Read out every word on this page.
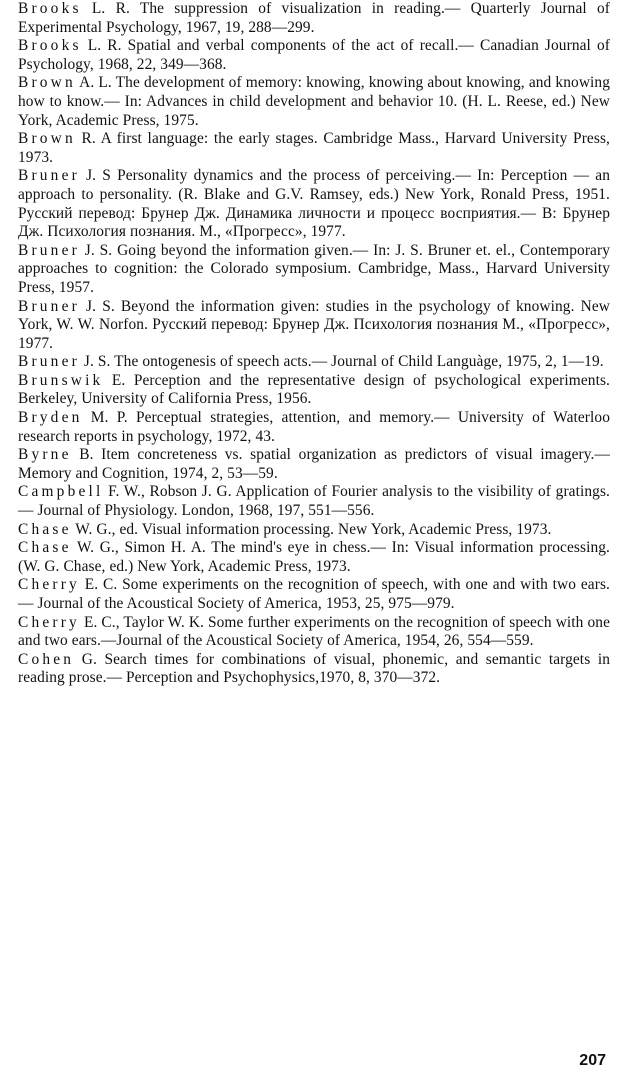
Brooks L. R. The suppression of visualization in reading.— Quarterly Journal of Experimental Psychology, 1967, 19, 288—299.
Brooks L. R. Spatial and verbal components of the act of recall.— Canadian Journal of Psychology, 1968, 22, 349—368.
Brown A. L. The development of memory: knowing, knowing about knowing, and knowing how to know.— In: Advances in child development and behavior 10. (H. L. Reese, ed.) New York, Academic Press, 1975.
Brown R. A first language: the early stages. Cambridge Mass., Harvard University Press, 1973.
Bruner J. S Personality dynamics and the process of perceiving.— In: Perception — an approach to personality. (R. Blake and G.V. Ramsey, eds.) New York, Ronald Press, 1951. Русский перевод: Брунер Дж. Динамика личности и процесс восприятия.— В: Брунер Дж. Психология познания. М., «Прогресс», 1977.
Bruner J. S. Going beyond the information given.— In: J. S. Bruner et. el., Contemporary approaches to cognition: the Colorado symposium. Cambridge, Mass., Harvard University Press, 1957.
Bruner J. S. Beyond the information given: studies in the psychology of knowing. New York, W. W. Norfon. Русский перевод: Брунер Дж. Психология познания М., «Прогресс», 1977.
Bruner J. S. The ontogenesis of speech acts.— Journal of Child Languàge, 1975, 2, 1—19.
Brunswik E. Perception and the representative design of psychological experiments. Berkeley, University of California Press, 1956.
Bryden M. P. Perceptual strategies, attention, and memory.— University of Waterloo research reports in psychology, 1972, 43.
Byrne B. Item concreteness vs. spatial organization as predictors of visual imagery.— Memory and Cognition, 1974, 2, 53—59.
Campbell F. W., Robson J. G. Application of Fourier analysis to the visibility of gratings.— Journal of Physiology. London, 1968, 197, 551—556.
Chase W. G., ed. Visual information processing. New York, Academic Press, 1973.
Chase W. G., Simon H. A. The mind's eye in chess.— In: Visual information processing. (W. G. Chase, ed.) New York, Academic Press, 1973.
Cherry E. C. Some experiments on the recognition of speech, with one and with two ears.— Journal of the Acoustical Society of America, 1953, 25, 975—979.
Cherry E. C., Taylor W. K. Some further experiments on the recognition of speech with one and two ears.—Journal of the Acoustical Society of America, 1954, 26, 554—559.
Cohen G. Search times for combinations of visual, phonemic, and semantic targets in reading prose.— Perception and Psychophysics,1970, 8, 370—372.
207
